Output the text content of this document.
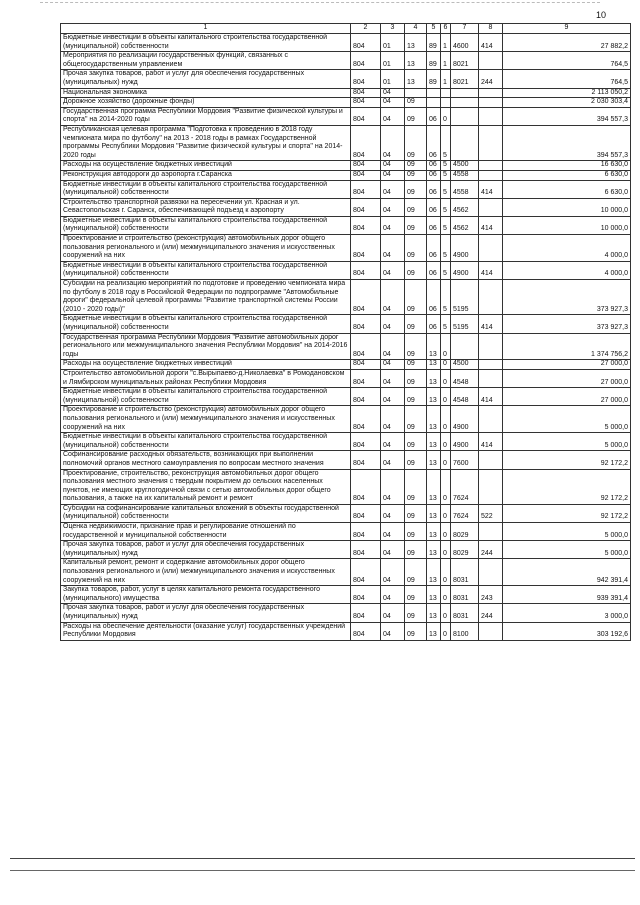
10
1	2	3	4	5	6	7	8	9
Бюджетные инвестиции в объекты капитального строительства государственной (муниципальной) собственности	804	01	13	89	1	4600	414	27 882,2
Мероприятия по реализации государственных функций, связанных с общегосударственным управлением	804	01	13	89	1	8021		764,5
Прочая закупка товаров, работ и услуг для обеспечения государственных (муниципальных) нужд	804	01	13	89	1	8021	244	764,5
Национальная экономика	804	04						2 113 050,2
Дорожное хозяйство (дорожные фонды)	804	04	09					2 030 303,4
Государственная программа Республики Мордовия "Развитие физической культуры и спорта" на 2014-2020 годы	804	04	09	06	0			394 557,3
Республиканская целевая программа "Подготовка к проведению в 2018 году чемпионата мира по футболу" на 2013 - 2018 годы в рамках Государственной программы Республики Мордовия "Развитие физической культуры и спорта" на 2014-2020 годы	804	04	09	06	5			394 557,3
Расходы на осуществление бюджетных инвестиций	804	04	09	06	5	4500		16 630,0
Реконструкция автодороги до аэропорта г.Саранска	804	04	09	06	5	4558		6 630,0
Бюджетные инвестиции в объекты капитального строительства государственной (муниципальной) собственности	804	04	09	06	5	4558	414	6 630,0
Строительство транспортной развязки на пересечении ул. Красная и ул. Севастопольская г. Саранск, обеспечивающей подъезд к аэропорту	804	04	09	06	5	4562		10 000,0
Бюджетные инвестиции в объекты капитального строительства государственной (муниципальной) собственности	804	04	09	06	5	4562	414	10 000,0
Проектирование и строительство (реконструкция) автомобильных дорог общего пользования регионального и (или) межмуниципального значения и искусственных сооружений на них	804	04	09	06	5	4900		4 000,0
Бюджетные инвестиции в объекты капитального строительства государственной (муниципальной) собственности	804	04	09	06	5	4900	414	4 000,0
Субсидии на реализацию мероприятий по подготовке и проведению чемпионата мира по футболу в 2018 году в Российской Федерации по подпрограмме "Автомобильные дороги" федеральной целевой программы "Развитие транспортной системы России (2010 - 2020 годы)"	804	04	09	06	5	5195		373 927,3
Бюджетные инвестиции в объекты капитального строительства государственной (муниципальной) собственности	804	04	09	06	5	5195	414	373 927,3
Государственная программа Республики Мордовия "Развитие автомобильных дорог регионального или межмуниципального значения Республики Мордовия" на 2014-2016 годы	804	04	09	13	0			1 374 756,2
Расходы на осуществление бюджетных инвестиций	804	04	09	13	0	4500		27 000,0
Строительство автомобильной дороги "с.Вырыпаево-д.Николаевка" в Ромодановском и Лямбирском муниципальных районах Республики Мордовия	804	04	09	13	0	4548		27 000,0
Бюджетные инвестиции в объекты капитального строительства государственной (муниципальной) собственности	804	04	09	13	0	4548	414	27 000,0
Проектирование и строительство (реконструкция) автомобильных дорог общего пользования регионального и (или) межмуниципального значения и искусственных сооружений на них	804	04	09	13	0	4900		5 000,0
Бюджетные инвестиции в объекты капитального строительства государственной (муниципальной) собственности	804	04	09	13	0	4900	414	5 000,0
Софинансирование расходных обязательств, возникающих при выполнении полномочий органов местного самоуправления по вопросам местного значения	804	04	09	13	0	7600		92 172,2
Проектирование, строительство, реконструкция автомобильных дорог общего пользования местного значения с твердым покрытием до сельских населенных пунктов, не имеющих круглогодичной связи с сетью автомобильных дорог общего пользования, а также на их капитальный ремонт и ремонт	804	04	09	13	0	7624		92 172,2
Субсидии на софинансирование капитальных вложений в объекты государственной (муниципальной) собственности	804	04	09	13	0	7624	522	92 172,2
Оценка недвижимости, признание прав и регулирование отношений по государственной и муниципальной собственности	804	04	09	13	0	8029		5 000,0
Прочая закупка товаров, работ и услуг для обеспечения государственных (муниципальных) нужд	804	04	09	13	0	8029	244	5 000,0
Капитальный ремонт, ремонт и содержание автомобильных дорог общего пользования регионального и (или) межмуниципального значения и искусственных сооружений на них	804	04	09	13	0	8031		942 391,4
Закупка товаров, работ, услуг в целях капитального ремонта государственного (муниципального) имущества	804	04	09	13	0	8031	243	939 391,4
Прочая закупка товаров, работ и услуг для обеспечения государственных (муниципальных) нужд	804	04	09	13	0	8031	244	3 000,0
Расходы на обеспечение деятельности (оказание услуг) государственных учреждений Республики Мордовия	804	04	09	13	0	8100		303 192,6
